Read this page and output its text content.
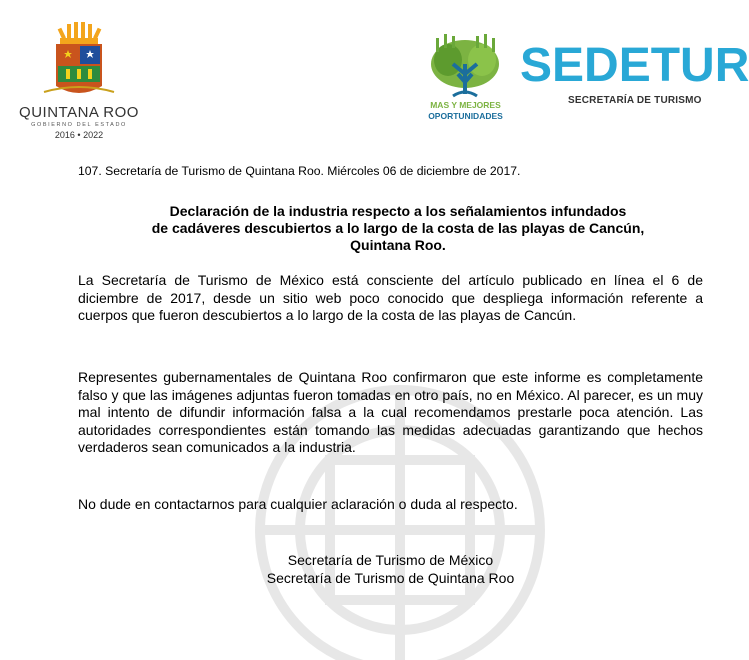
QUINTANA ROO
GOBIERNO DEL ESTADO
2016 • 2022
MAS Y MEJORES
OPORTUNIDADES
SEDETUR
SECRETARÍA DE TURISMO
107. Secretaría de Turismo de Quintana Roo. Miércoles 06 de diciembre de 2017.
Declaración de la industria respecto a los señalamientos infundados
de cadáveres descubiertos a lo largo de la costa de las playas de Cancún,
Quintana Roo.
La Secretaría de Turismo de México está consciente del artículo publicado en línea el 6 de diciembre de 2017, desde un sitio web poco conocido que despliega información referente a cuerpos que fueron descubiertos a lo largo de la costa de las playas de Cancún.
Representes gubernamentales de Quintana Roo confirmaron que este informe es completamente falso y que las imágenes adjuntas fueron tomadas en otro país, no en México. Al parecer, es un muy mal intento de difundir información falsa a la cual recomendamos prestarle poca atención. Las autoridades correspondientes están tomando las medidas adecuadas garantizando que hechos verdaderos sean comunicados a la industria.
No dude en contactarnos para cualquier aclaración o duda al respecto.
Secretaría de Turismo de México
Secretaría de Turismo de Quintana Roo
